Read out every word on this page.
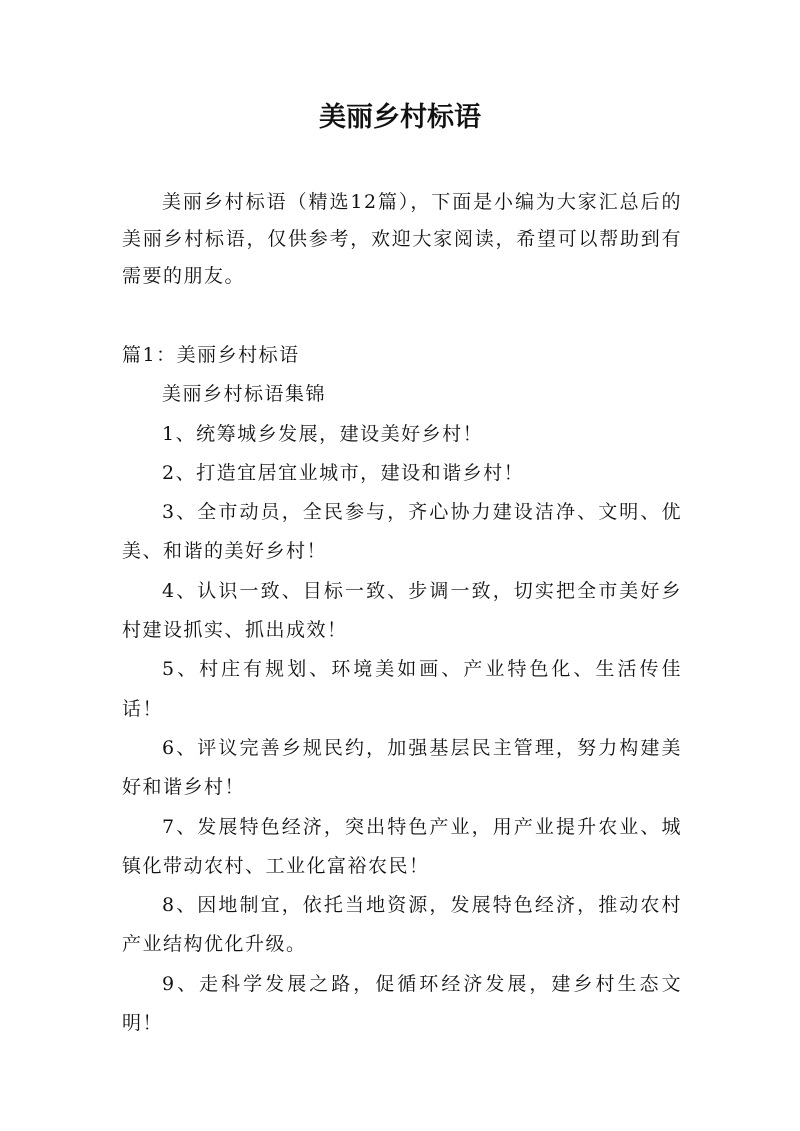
美丽乡村标语

美丽乡村标语（精选12篇），下面是小编为大家汇总后的美丽乡村标语，仅供参考，欢迎大家阅读，希望可以帮助到有需要的朋友。

篇1：美丽乡村标语

美丽乡村标语集锦

1、统筹城乡发展，建设美好乡村！

2、打造宜居宜业城市，建设和谐乡村！

3、全市动员，全民参与，齐心协力建设洁净、文明、优美、和谐的美好乡村！

4、认识一致、目标一致、步调一致，切实把全市美好乡村建设抓实、抓出成效！

5、村庄有规划、环境美如画、产业特色化、生活传佳话！

6、评议完善乡规民约，加强基层民主管理，努力构建美好和谐乡村！

7、发展特色经济，突出特色产业，用产业提升农业、城镇化带动农村、工业化富裕农民！

8、因地制宜，依托当地资源，发展特色经济，推动农村产业结构优化升级。

9、走科学发展之路，促循环经济发展，建乡村生态文明！
